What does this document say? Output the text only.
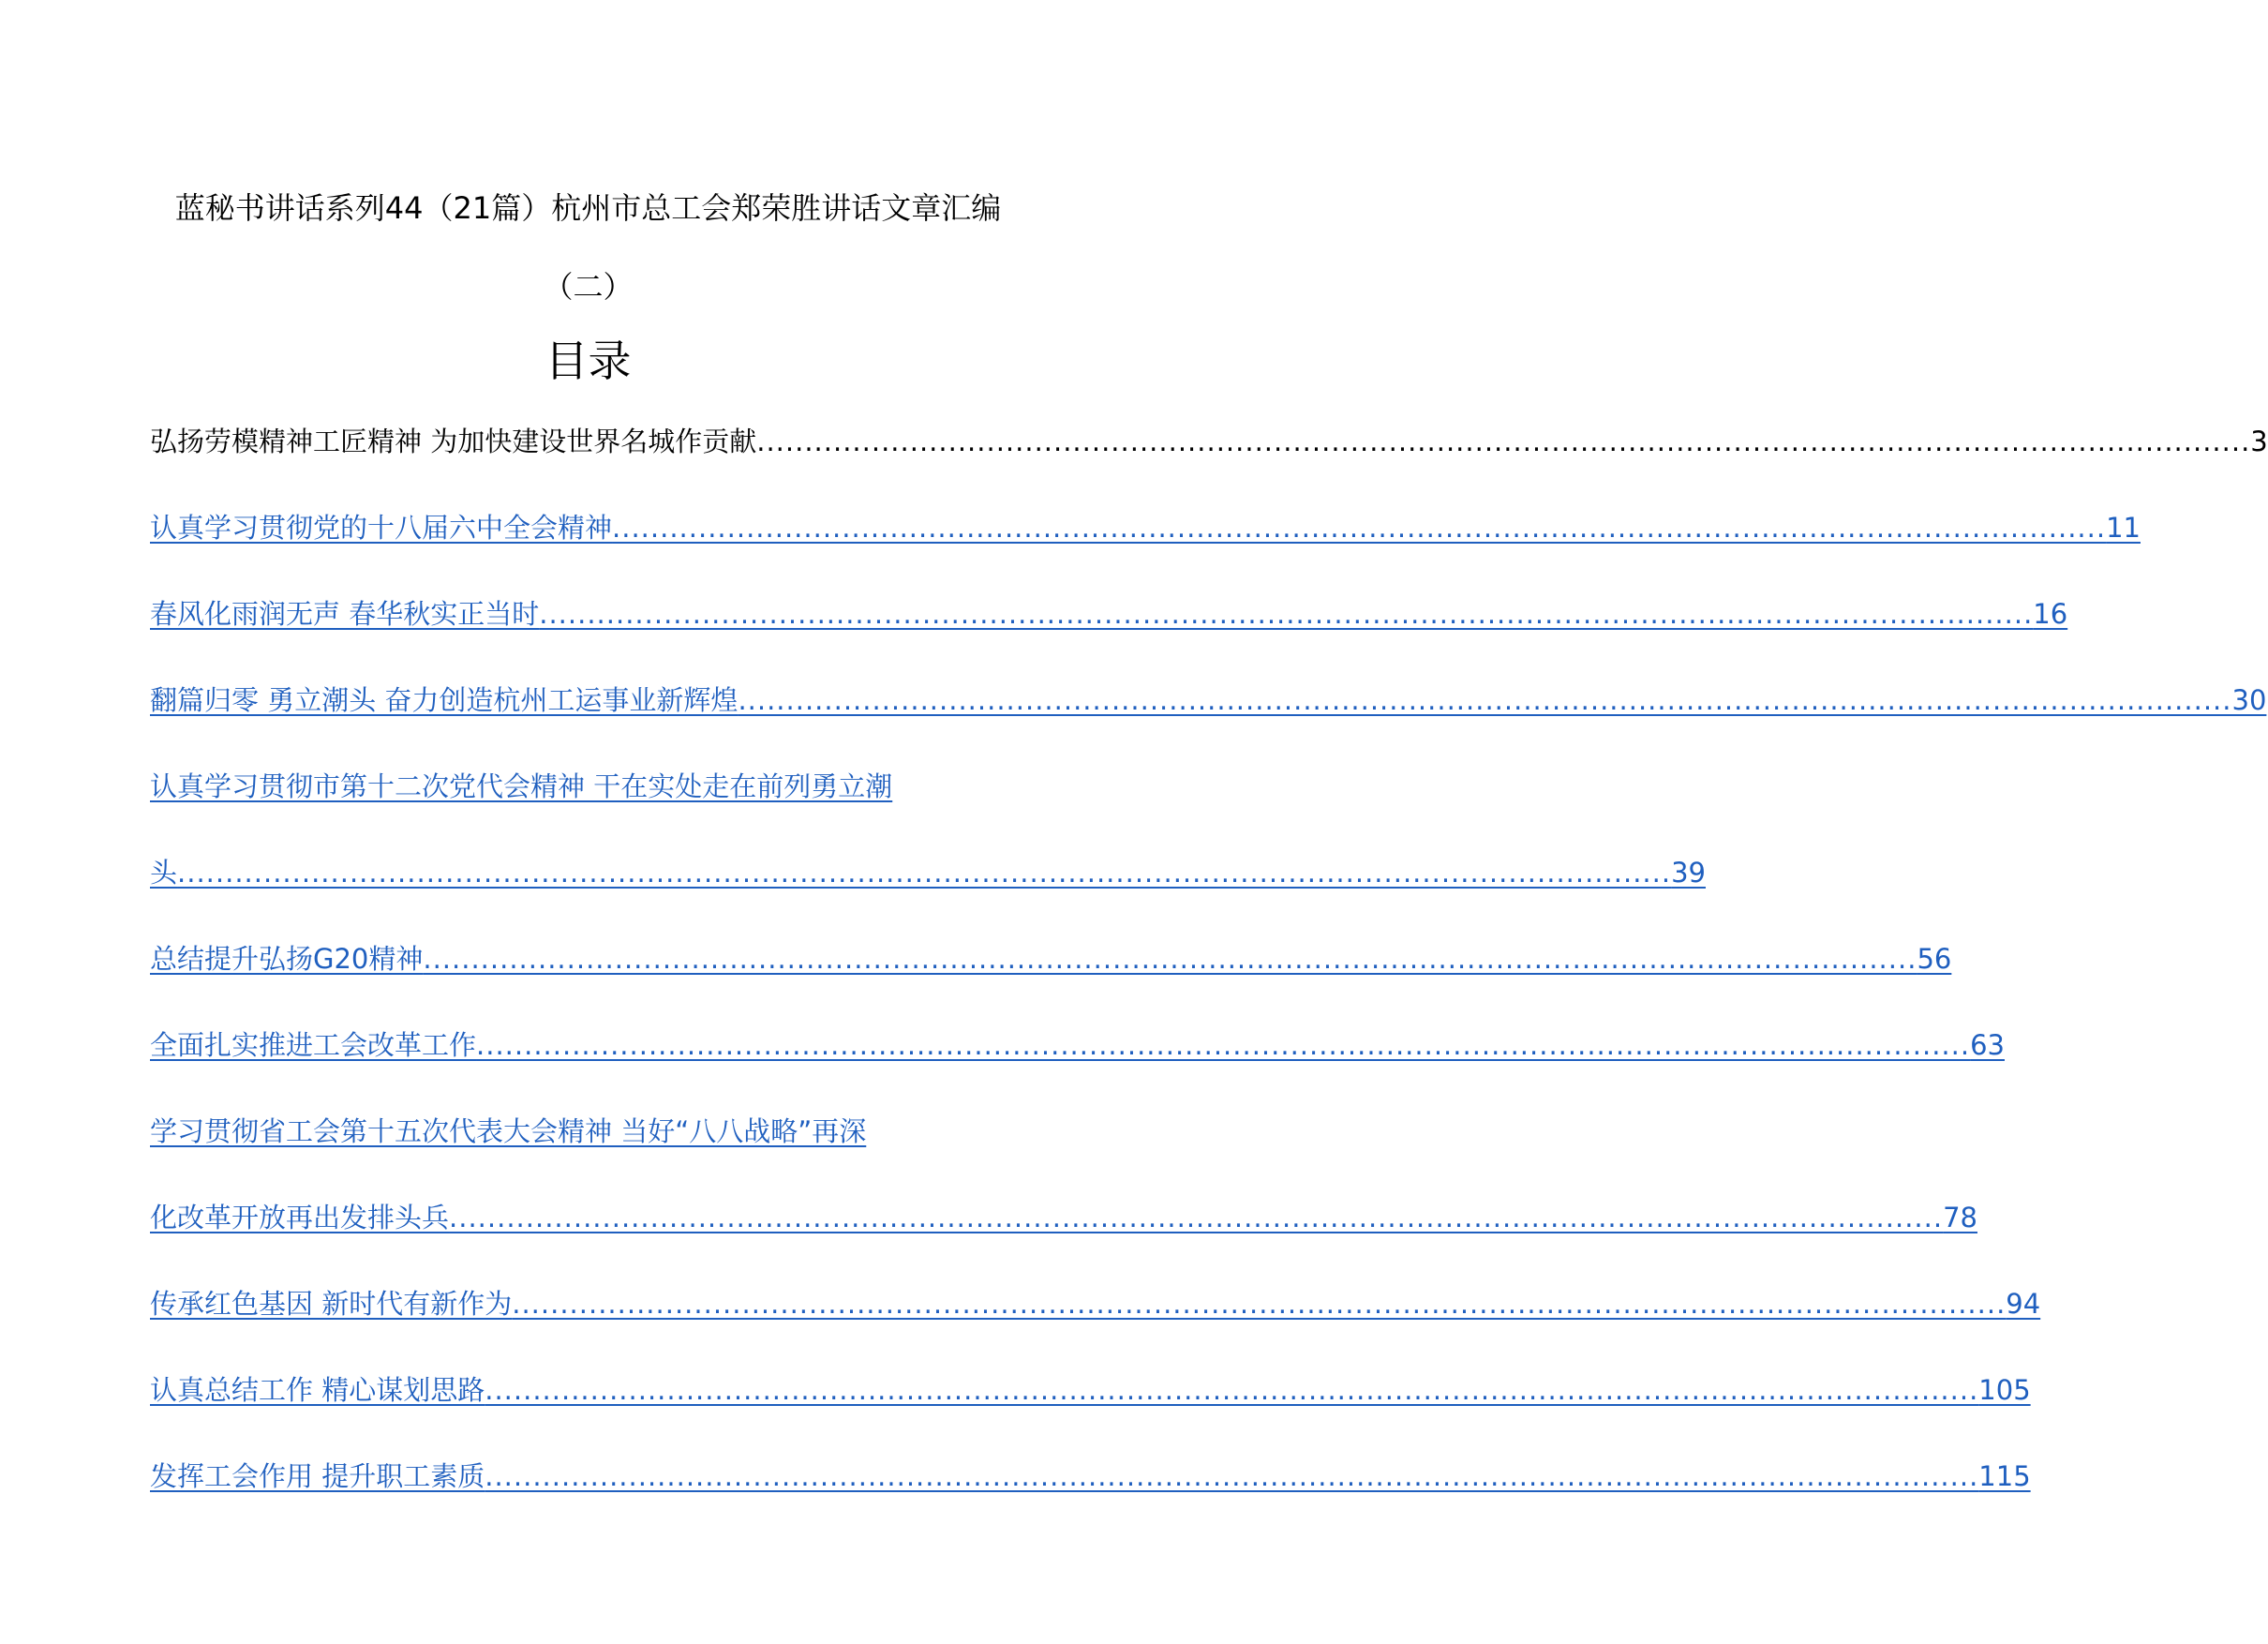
蓝秘书讲话系列44（21篇）杭州市总工会郑荣胜讲话文章汇编
（二）
目录
弘扬劳模精神工匠精神 为加快建设世界名城作贡献 ............................................................................................................................................................ 3
认真学习贯彻党的十八届六中全会精神 ............................................................................................................................................................ 11
春风化雨润无声 春华秋实正当时 ............................................................................................................................................................ 16
翻篇归零 勇立潮头 奋力创造杭州工运事业新辉煌 ............................................................................................................................................................ 30
认真学习贯彻市第十二次党代会精神 干在实处走在前列勇立潮
头 ............................................................................................................................................................ 39
总结提升弘扬G20精神 ............................................................................................................................................................ 56
全面扎实推进工会改革工作 ............................................................................................................................................................ 63
学习贯彻省工会第十五次代表大会精神 当好“八八战略”再深
化改革开放再出发排头兵 ............................................................................................................................................................ 78
传承红色基因 新时代有新作为 ............................................................................................................................................................ 94
认真总结工作 精心谋划思路 ............................................................................................................................................................ 105
发挥工会作用 提升职工素质 ............................................................................................................................................................ 115
